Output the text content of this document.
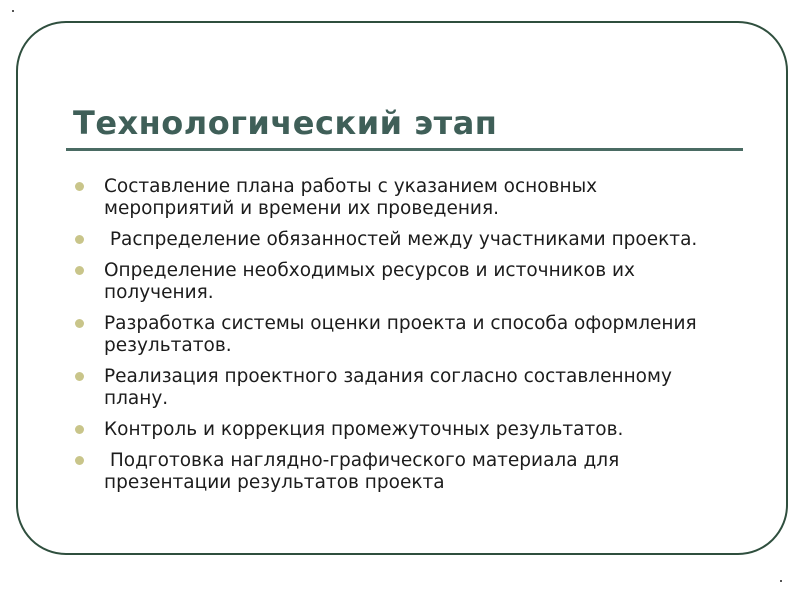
Технологический этап
Составление плана работы с указанием основных мероприятий и времени их проведения.
Распределение обязанностей между участниками проекта.
Определение необходимых ресурсов и источников их получения.
Разработка системы оценки проекта и способа оформления результатов.
Реализация проектного задания согласно составленному плану.
Контроль и коррекция промежуточных результатов.
Подготовка наглядно-графического материала для презентации результатов проекта
